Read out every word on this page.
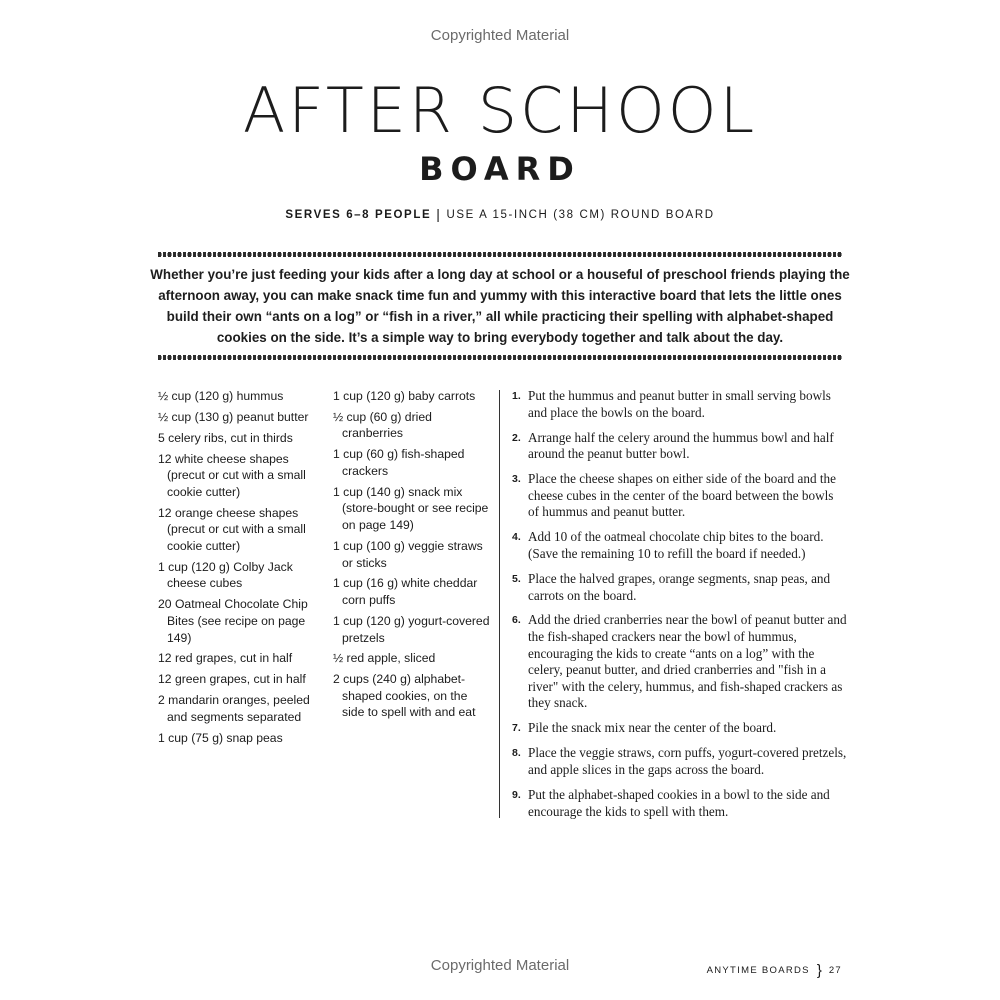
Copyrighted Material
AFTER SCHOOL
BOARD
SERVES 6–8 PEOPLE | USE A 15-INCH (38 CM) ROUND BOARD
Whether you’re just feeding your kids after a long day at school or a houseful of preschool friends playing the afternoon away, you can make snack time fun and yummy with this interactive board that lets the little ones build their own “ants on a log” or “fish in a river,” all while practicing their spelling with alphabet-shaped cookies on the side. It’s a simple way to bring everybody together and talk about the day.
½ cup (120 g) hummus
½ cup (130 g) peanut butter
5 celery ribs, cut in thirds
12 white cheese shapes (precut or cut with a small cookie cutter)
12 orange cheese shapes (precut or cut with a small cookie cutter)
1 cup (120 g) Colby Jack cheese cubes
20 Oatmeal Chocolate Chip Bites (see recipe on page 149)
12 red grapes, cut in half
12 green grapes, cut in half
2 mandarin oranges, peeled and segments separated
1 cup (75 g) snap peas
1 cup (120 g) baby carrots
½ cup (60 g) dried cranberries
1 cup (60 g) fish-shaped crackers
1 cup (140 g) snack mix (store-bought or see recipe on page 149)
1 cup (100 g) veggie straws or sticks
1 cup (16 g) white cheddar corn puffs
1 cup (120 g) yogurt-covered pretzels
½ red apple, sliced
2 cups (240 g) alphabet-shaped cookies, on the side to spell with and eat
1. Put the hummus and peanut butter in small serving bowls and place the bowls on the board.
2. Arrange half the celery around the hummus bowl and half around the peanut butter bowl.
3. Place the cheese shapes on either side of the board and the cheese cubes in the center of the board between the bowls of hummus and peanut butter.
4. Add 10 of the oatmeal chocolate chip bites to the board. (Save the remaining 10 to refill the board if needed.)
5. Place the halved grapes, orange segments, snap peas, and carrots on the board.
6. Add the dried cranberries near the bowl of peanut butter and the fish-shaped crackers near the bowl of hummus, encouraging the kids to create “ants on a log” with the celery, peanut butter, and dried cranberries and "fish in a river" with the celery, hummus, and fish-shaped crackers as they snack.
7. Pile the snack mix near the center of the board.
8. Place the veggie straws, corn puffs, yogurt-covered pretzels, and apple slices in the gaps across the board.
9. Put the alphabet-shaped cookies in a bowl to the side and encourage the kids to spell with them.
Copyrighted Material	ANYTIME BOARDS } 27
